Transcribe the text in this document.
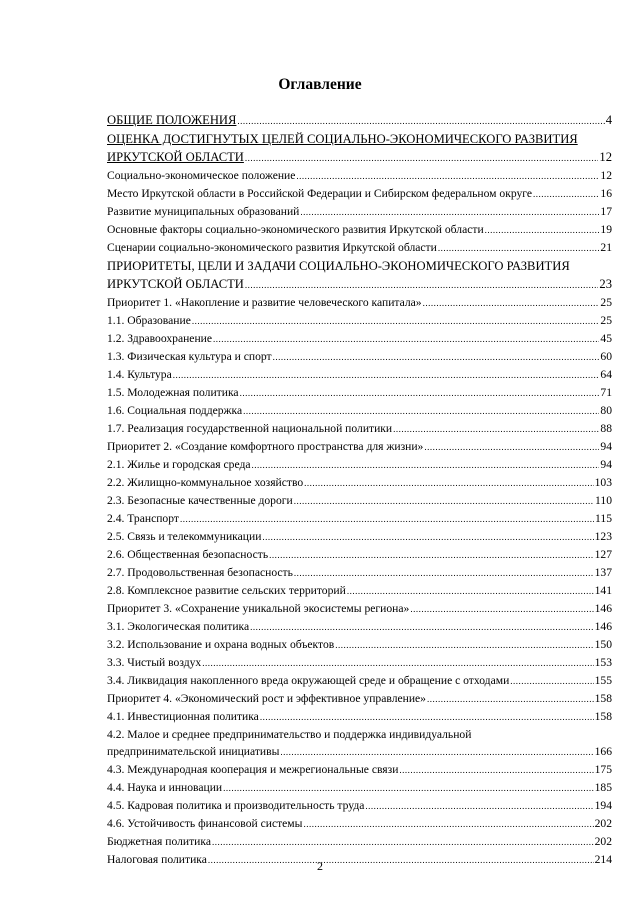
Оглавление
ОБЩИЕ ПОЛОЖЕНИЯ .....	4
ОЦЕНКА ДОСТИГНУТЫХ ЦЕЛЕЙ СОЦИАЛЬНО-ЭКОНОМИЧЕСКОГО РАЗВИТИЯ
ИРКУТСКОЙ ОБЛАСТИ .....	12
Социально-экономическое положение .....	12
Место Иркутской области в Российской Федерации и Сибирском федеральном округе .....	16
Развитие муниципальных образований .....	17
Основные факторы социально-экономического развития Иркутской области .....	19
Сценарии социально-экономического развития Иркутской области .....	21
ПРИОРИТЕТЫ, ЦЕЛИ И ЗАДАЧИ СОЦИАЛЬНО-ЭКОНОМИЧЕСКОГО РАЗВИТИЯ
ИРКУТСКОЙ ОБЛАСТИ .....	23
Приоритет 1. «Накопление и развитие человеческого капитала» .....	25
1.1. Образование .....	25
1.2. Здравоохранение .....	45
1.3. Физическая культура и спорт .....	60
1.4. Культура .....	64
1.5. Молодежная политика .....	71
1.6. Социальная поддержка .....	80
1.7. Реализация государственной национальной политики .....	88
Приоритет 2. «Создание комфортного пространства для жизни» .....	94
2.1. Жилье и городская среда .....	94
2.2. Жилищно-коммунальное хозяйство .....	103
2.3. Безопасные качественные дороги .....	110
2.4. Транспорт .....	115
2.5. Связь и телекоммуникации .....	123
2.6. Общественная безопасность .....	127
2.7. Продовольственная безопасность .....	137
2.8. Комплексное развитие сельских территорий .....	141
Приоритет 3. «Сохранение уникальной экосистемы региона» .....	146
3.1. Экологическая политика .....	146
3.2. Использование и охрана водных объектов .....	150
3.3. Чистый воздух .....	153
3.4. Ликвидация накопленного вреда окружающей среде и обращение с отходами .....	155
Приоритет 4. «Экономический рост и эффективное управление» .....	158
4.1. Инвестиционная политика .....	158
4.2. Малое и среднее предпринимательство и поддержка индивидуальной
предпринимательской инициативы .....	166
4.3. Международная кооперация и межрегиональные связи .....	175
4.4. Наука и инновации .....	185
4.5. Кадровая политика и производительность труда .....	194
4.6. Устойчивость финансовой системы .....	202
Бюджетная политика .....	202
Налоговая политика .....	214
2
